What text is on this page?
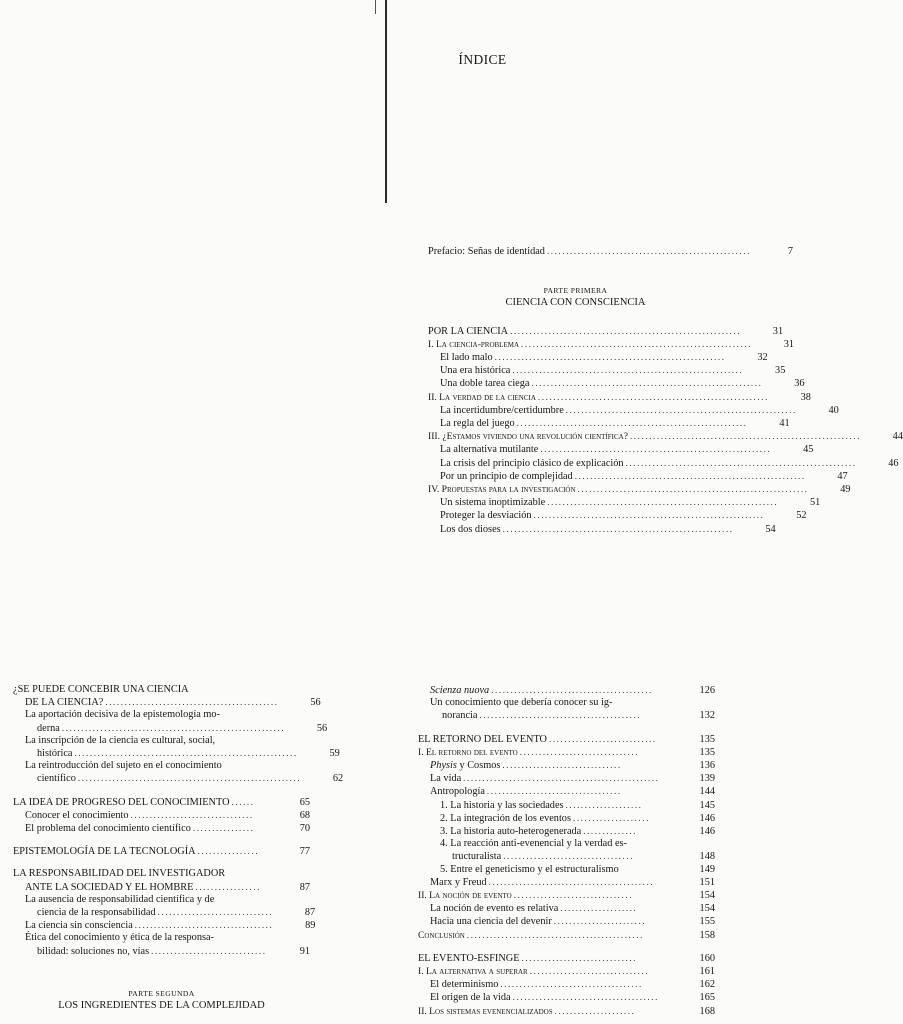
ÍNDICE
Prefacio: Señas de identidad .....................................................	7
PARTE PRIMERA
CIENCIA CON CONSCIENCIA
POR LA CIENCIA ............................................................	31
I. La ciencia-problema ............................................................	31
El lado malo ............................................................	32
Una era histórica ............................................................	35
Una doble tarea ciega ............................................................	36
II. La verdad de la ciencia ............................................................	38
La incertidumbre/certidumbre ............................................................	40
La regla del juego ............................................................	41
III. ¿Estamos viviendo una revolución científica? ............................................................	44
La alternativa mutilante ............................................................	45
La crisis del principio clásico de explicación ............................................................	46
Por un principio de complejidad ............................................................	47
IV. Propuestas para la investigación ............................................................	49
Un sistema inoptimizable ............................................................	51
Proteger la desviación ............................................................	52
Los dos dioses ............................................................	54
¿SE PUEDE CONCEBIR UNA CIENCIA
DE LA CIENCIA? .............................................	56
La aportación decisiva de la epistemología mo-
derna ..........................................................	56
La inscripción de la ciencia es cultural, social,
histórica ..........................................................	59
La reintroducción del sujeto en el conocimiento
científico ..........................................................	62
LA IDEA DE PROGRESO DEL CONOCIMIENTO ......	65
Conocer el conocimiento ................................	68
El problema del conocimiento científico ................	70
EPISTEMOLOGÍA DE LA TECNOLOGÍA ................	77
LA RESPONSABILIDAD DEL INVESTIGADOR
ANTE LA SOCIEDAD Y EL HOMBRE .................	87
La ausencia de responsabilidad científica y de
ciencia de la responsabilidad ..............................	87
La ciencia sin consciencia ....................................	89
Ética del conocimiento y ética de la responsa-
bilidad: soluciones no, vías ..............................	91
PARTE SEGUNDA
LOS INGREDIENTES DE LA COMPLEJIDAD
Scienza nuova ..........................................	126
Un conocimiento que debería conocer su ig-
norancia ..........................................	132
EL RETORNO DEL EVENTO ............................	135
I. El retorno del evento ...............................	135
Physis y Cosmos ...............................	136
La vida ...................................................	139
Antropología ...................................	144
1. La historia y las sociedades ....................	145
2. La integración de los eventos ....................	146
3. La historia auto-heterogenerada ..............	146
4. La reacción anti-evenencial y la verdad es-
tructuralista ..................................	148
5. Entre el geneticismo y el estructuralismo	149
Marx y Freud ...........................................	151
II. La noción de evento ...............................	154
La noción de evento es relativa ....................	154
Hacia una ciencia del devenir ........................	155
Conclusión ..............................................	158
EL EVENTO-ESFINGE ..............................	160
I. La alternativa a superar ...............................	161
El determinismo .....................................	162
El origen de la vida ......................................	165
II. Los sistemas evenencializados .....................	168
